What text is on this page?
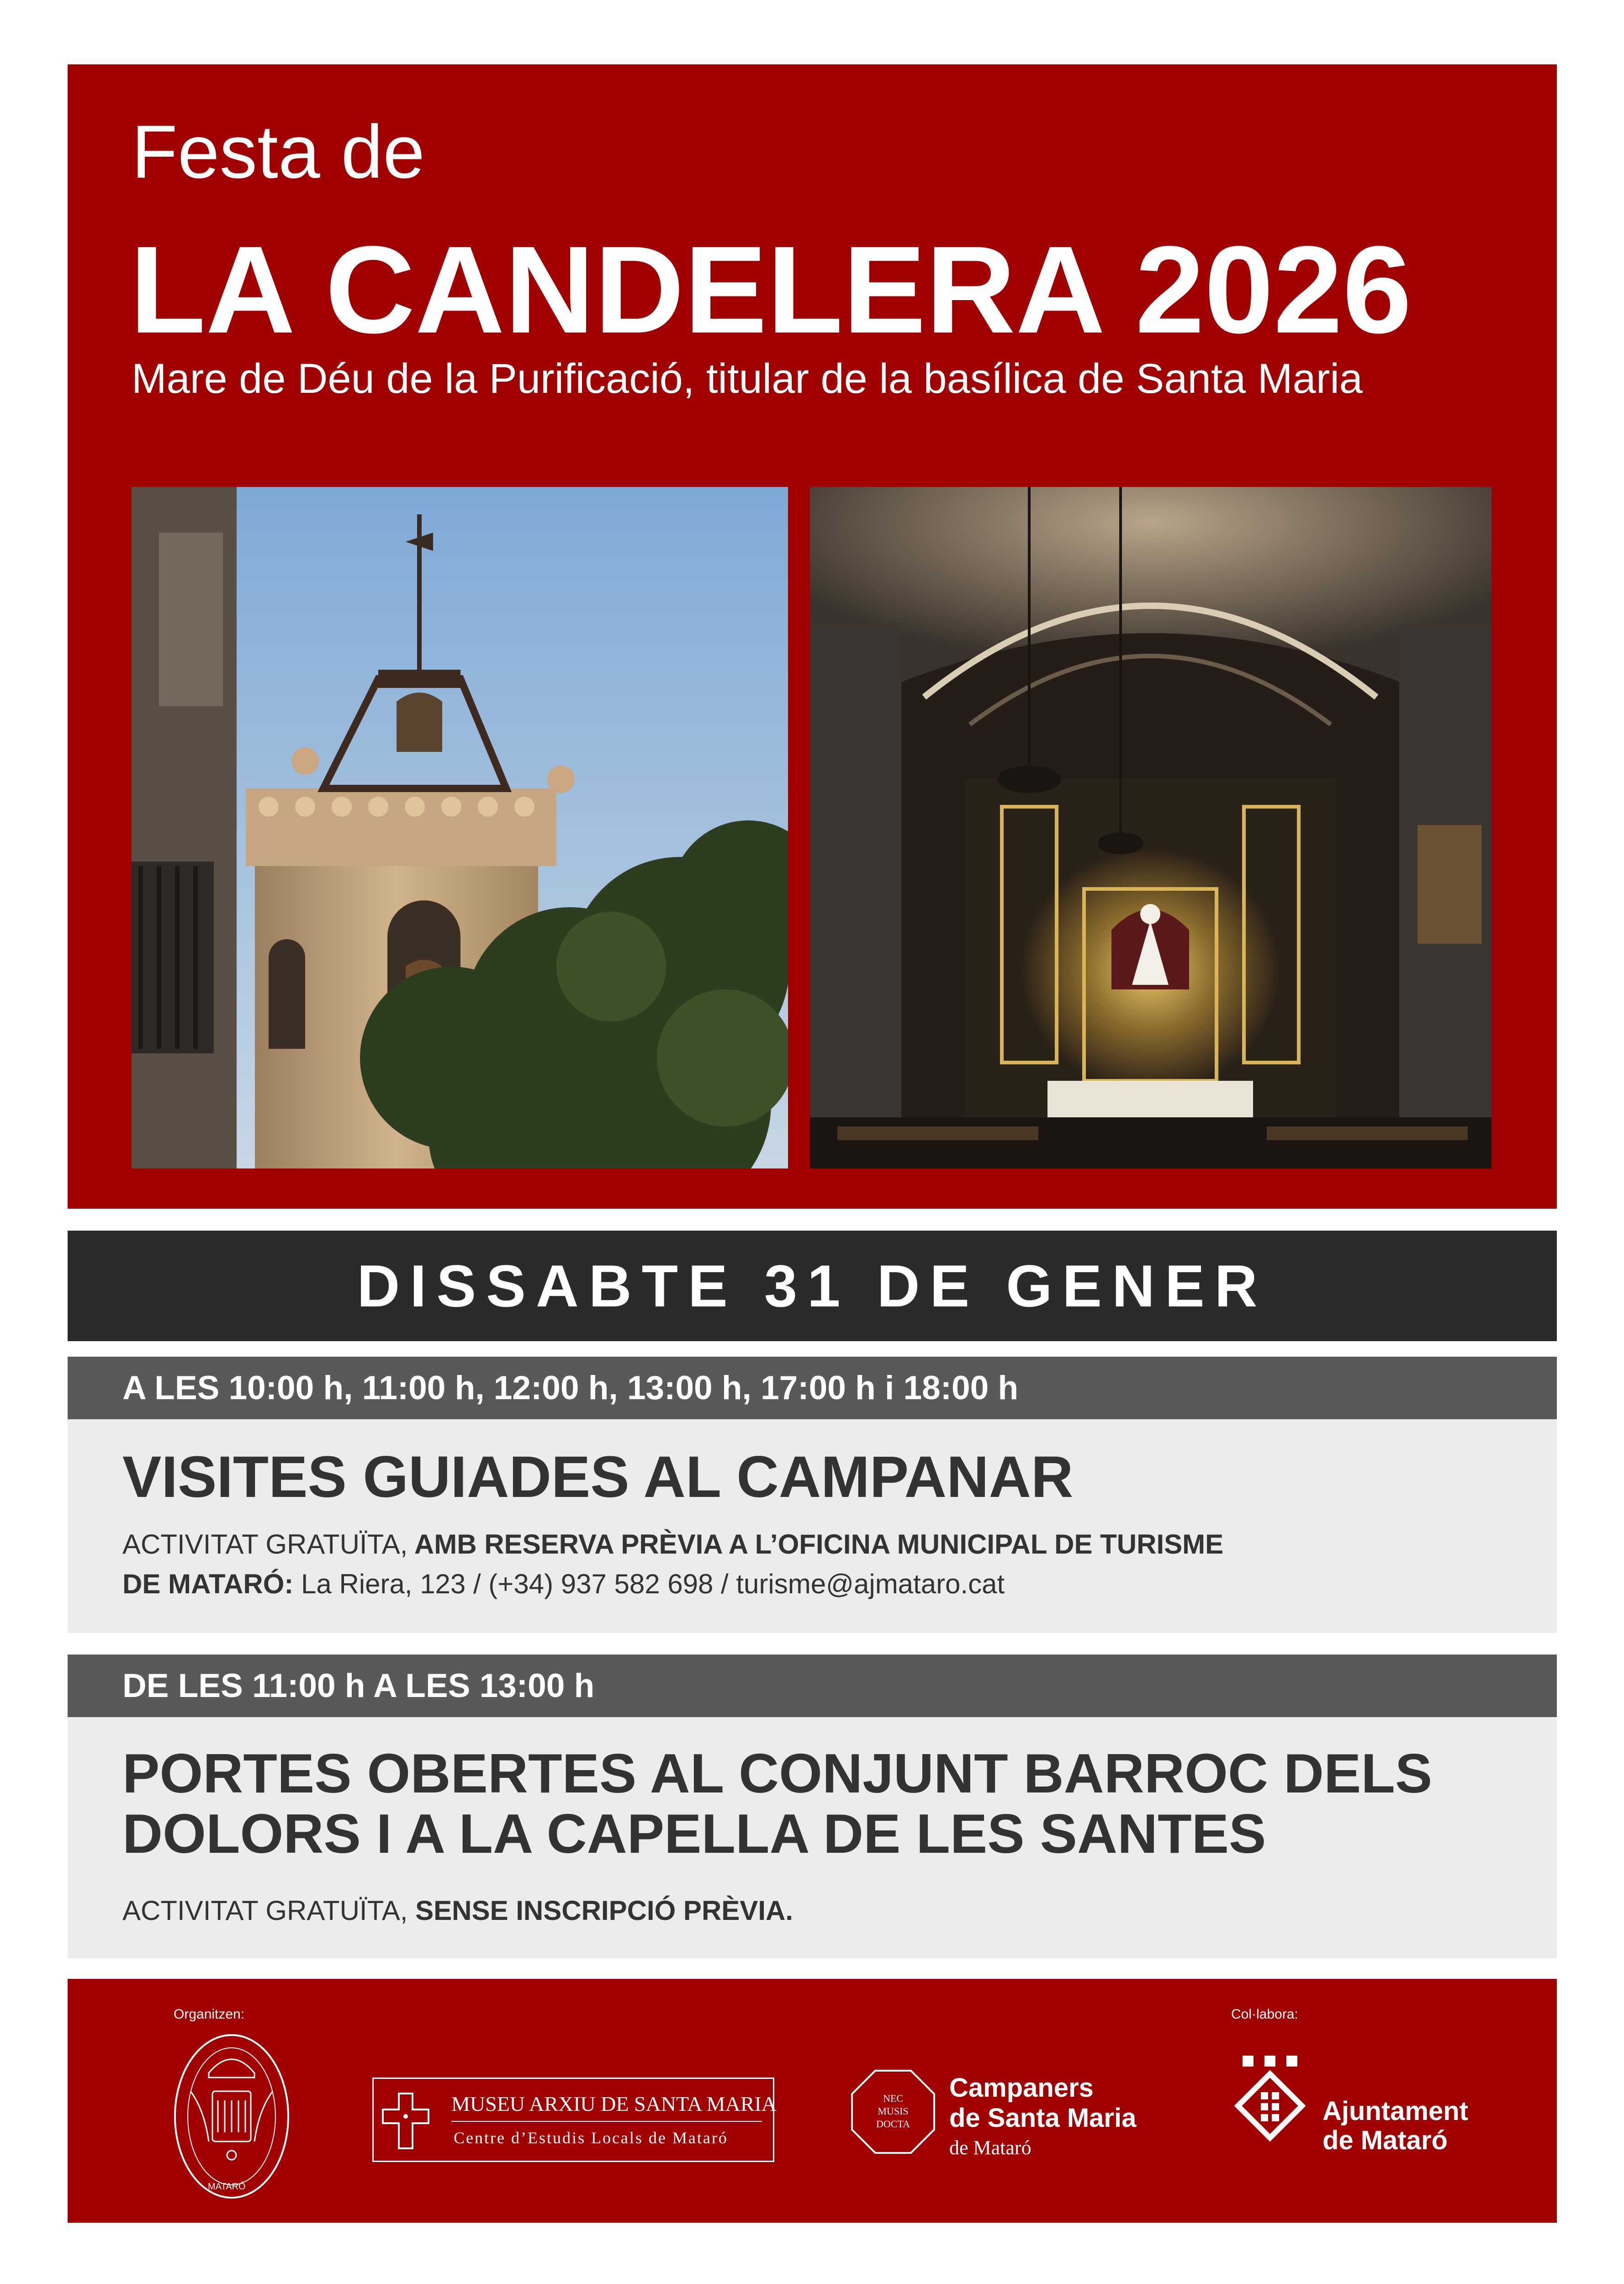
Festa de
LA CANDELERA 2026
Mare de Déu de la Purificació, titular de la basílica de Santa Maria
DISSABTE 31 DE GENER
A LES 10:00 h, 11:00 h, 12:00 h, 13:00 h, 17:00 h i 18:00 h
VISITES GUIADES AL CAMPANAR
ACTIVITAT GRATUÏTA, AMB RESERVA PRÈVIA A L’OFICINA MUNICIPAL DE TURISME
DE MATARÓ: La Riera, 123 / (+34) 937 582 698 / turisme@ajmataro.cat
DE LES 11:00 h A LES 13:00 h
PORTES OBERTES AL CONJUNT BARROC DELS
DOLORS I A LA CAPELLA DE LES SANTES
ACTIVITAT GRATUÏTA, SENSE INSCRIPCIÓ PRÈVIA.
Organitzen:	Col·labora:
MATARÓ
MUSEU ARXIU DE SANTA MARIA
Centre d’Estudis Locals de Mataró
NEC
MUSIS
DOCTA
Campaners
de Santa Maria
de Mataró
Ajuntament
de Mataró
